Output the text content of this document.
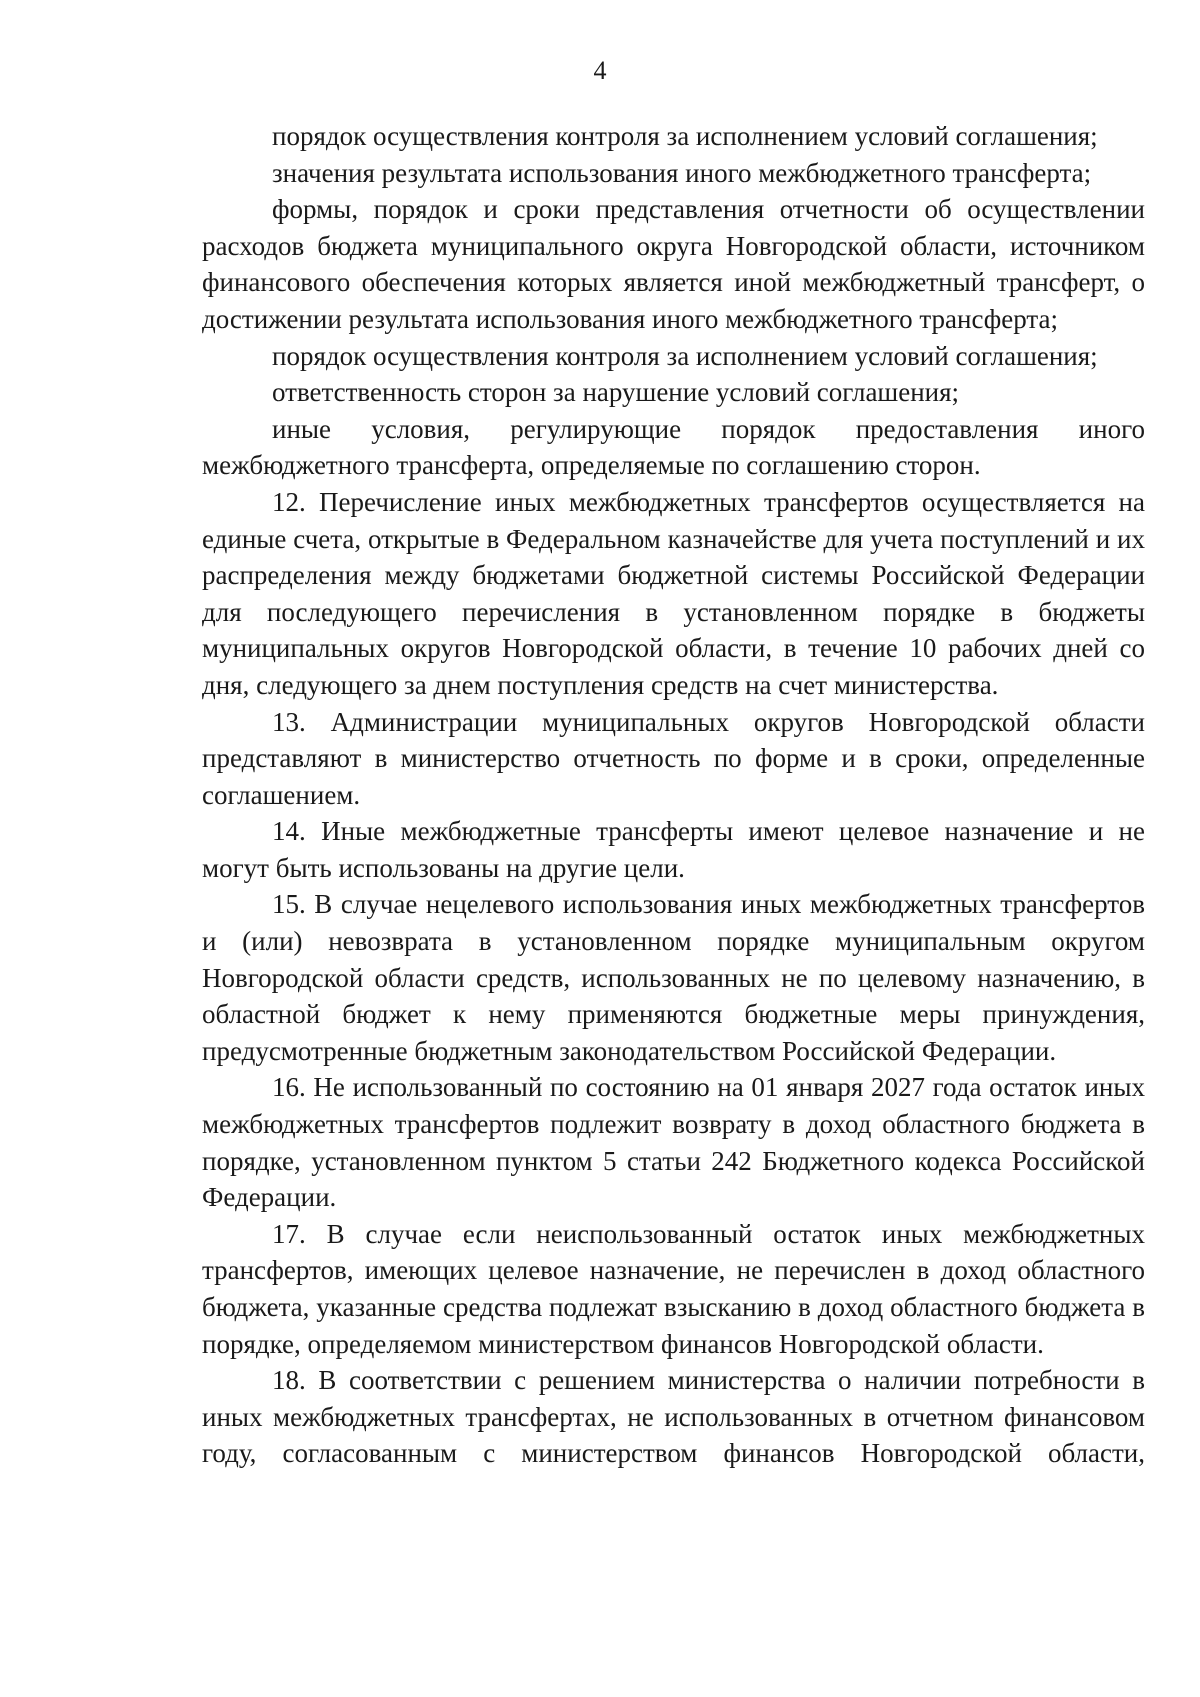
4

порядок осуществления контроля за исполнением условий соглашения;

значения результата использования иного межбюджетного трансферта;

формы, порядок и сроки представления отчетности об осуществлении расходов бюджета муниципального округа Новгородской области, источником финансового обеспечения которых является иной межбюджетный трансферт, о достижении результата использования иного межбюджетного трансферта;

порядок осуществления контроля за исполнением условий соглашения;

ответственность сторон за нарушение условий соглашения;

иные условия, регулирующие порядок предоставления иного межбюджетного трансферта, определяемые по соглашению сторон.

12. Перечисление иных межбюджетных трансфертов осуществляется на единые счета, открытые в Федеральном казначействе для учета поступлений и их распределения между бюджетами бюджетной системы Российской Федерации для последующего перечисления в установленном порядке в бюджеты муниципальных округов Новгородской области, в течение 10 рабочих дней со дня, следующего за днем поступления средств на счет министерства.

13. Администрации муниципальных округов Новгородской области представляют в министерство отчетность по форме и в сроки, определенные соглашением.

14. Иные межбюджетные трансферты имеют целевое назначение и не могут быть использованы на другие цели.

15. В случае нецелевого использования иных межбюджетных трансфертов и (или) невозврата в установленном порядке муниципальным округом Новгородской области средств, использованных не по целевому назначению, в областной бюджет к нему применяются бюджетные меры принуждения, предусмотренные бюджетным законодательством Российской Федерации.

16. Не использованный по состоянию на 01 января 2027 года остаток иных межбюджетных трансфертов подлежит возврату в доход областного бюджета в порядке, установленном пунктом 5 статьи 242 Бюджетного кодекса Российской Федерации.

17. В случае если неиспользованный остаток иных межбюджетных трансфертов, имеющих целевое назначение, не перечислен в доход областного бюджета, указанные средства подлежат взысканию в доход областного бюджета в порядке, определяемом министерством финансов Новгородской области.

18. В соответствии с решением министерства о наличии потребности в иных межбюджетных трансфертах, не использованных в отчетном финансовом году, согласованным с министерством финансов Новгородской области,
